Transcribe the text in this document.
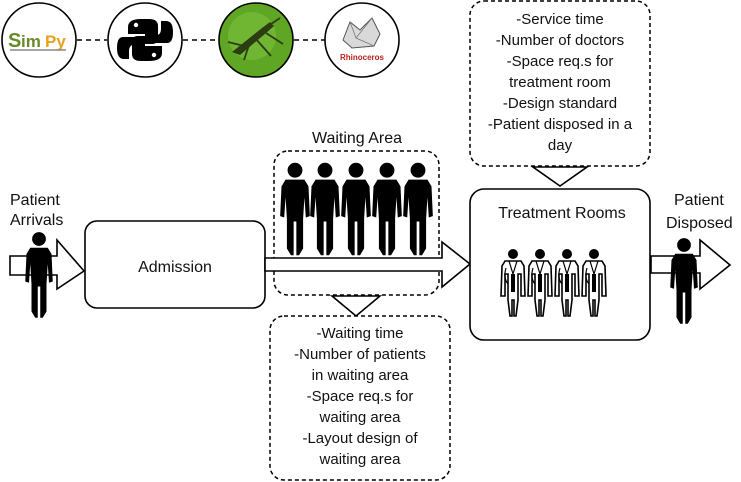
S im Py
Rhinoceros
Patient
Arrivals
Admission
Waiting Area
-Waiting time
-Number of patients
in waiting area
-Space req.s for
waiting area
-Layout design of
waiting area
-Service time
-Number of doctors
-Space req.s for
treatment room
-Design standard
-Patient disposed in a
day
Treatment Rooms
Patient
Disposed
